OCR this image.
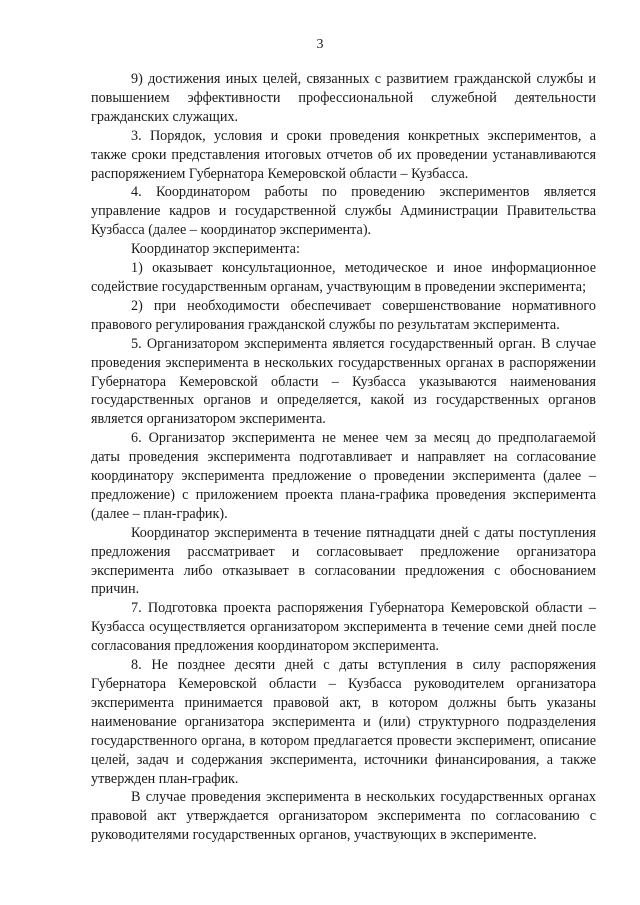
3

9) достижения иных целей, связанных с развитием гражданской службы и повышением эффективности профессиональной служебной деятельности гражданских служащих.

3. Порядок, условия и сроки проведения конкретных экспериментов, а также сроки представления итоговых отчетов об их проведении устанавливаются распоряжением Губернатора Кемеровской области – Кузбасса.

4. Координатором работы по проведению экспериментов является управление кадров и государственной службы Администрации Правительства Кузбасса (далее – координатор эксперимента).

Координатор эксперимента:

1) оказывает консультационное, методическое и иное информационное содействие государственным органам, участвующим в проведении эксперимента;

2) при необходимости обеспечивает совершенствование нормативного правового регулирования гражданской службы по результатам эксперимента.

5. Организатором эксперимента является государственный орган. В случае проведения эксперимента в нескольких государственных органах в распоряжении Губернатора Кемеровской области – Кузбасса указываются наименования государственных органов и определяется, какой из государственных органов является организатором эксперимента.

6. Организатор эксперимента не менее чем за месяц до предполагаемой даты проведения эксперимента подготавливает и направляет на согласование координатору эксперимента предложение о проведении эксперимента (далее – предложение) с приложением проекта плана-графика проведения эксперимента (далее – план-график).

Координатор эксперимента в течение пятнадцати дней с даты поступления предложения рассматривает и согласовывает предложение организатора эксперимента либо отказывает в согласовании предложения с обоснованием причин.

7. Подготовка проекта распоряжения Губернатора Кемеровской области – Кузбасса осуществляется организатором эксперимента в течение семи дней после согласования предложения координатором эксперимента.

8. Не позднее десяти дней с даты вступления в силу распоряжения Губернатора Кемеровской области – Кузбасса руководителем организатора эксперимента принимается правовой акт, в котором должны быть указаны наименование организатора эксперимента и (или) структурного подразделения государственного органа, в котором предлагается провести эксперимент, описание целей, задач и содержания эксперимента, источники финансирования, а также утвержден план-график.

В случае проведения эксперимента в нескольких государственных органах правовой акт утверждается организатором эксперимента по согласованию с руководителями государственных органов, участвующих в эксперименте.
